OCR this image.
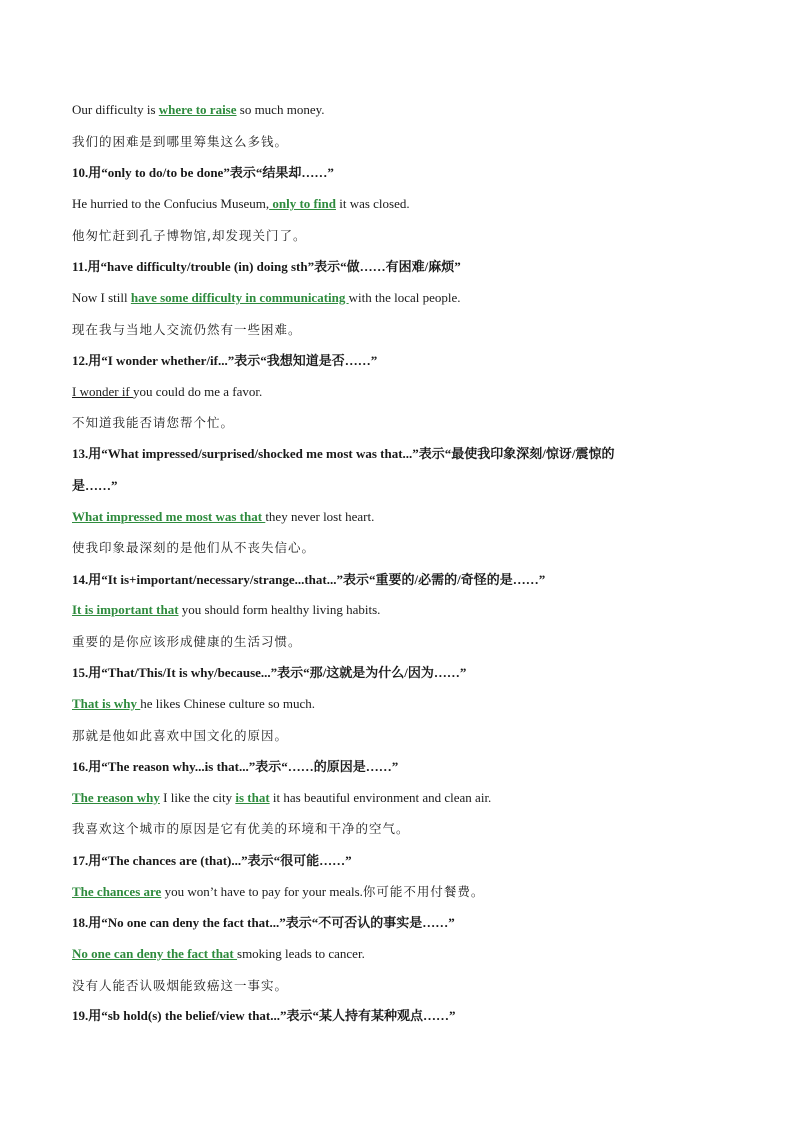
Our difficulty is where to raise so much money.
我们的困难是到哪里筹集这么多钱。
10.用“only to do/to be done”表示“结果却……”
He hurried to the Confucius Museum, only to find it was closed.
他匆忙赶到孔子博物馆,却发现关门了。
11.用“have difficulty/trouble (in) doing sth”表示“做……有困难/麻烦”
Now I still have some difficulty in communicating with the local people.
现在我与当地人交流仍然有一些困难。
12.用“I wonder whether/if...”表示“我想知道是否……”
I wonder if you could do me a favor.
不知道我能否请您帮个忙。
13.用“What impressed/surprised/shocked me most was that...”表示“最使我印象深刻/惊讶/震惊的
是……”
What impressed me most was that they never lost heart.
使我印象最深刻的是他们从不丧失信心。
14.用“It is+important/necessary/strange...that...”表示“重要的/必需的/奇怪的是……”
It is important that you should form healthy living habits.
重要的是你应该形成健康的生活习惯。
15.用“That/This/It is why/because...”表示“那/这就是为什么/因为……”
That is why he likes Chinese culture so much.
那就是他如此喜欢中国文化的原因。
16.用“The reason why...is that...”表示“……的原因是……”
The reason why I like the city is that it has beautiful environment and clean air.
我喜欢这个城市的原因是它有优美的环境和干净的空气。
17.用“The chances are (that)...”表示“很可能……”
The chances are you won’t have to pay for your meals.你可能不用付餐费。
18.用“No one can deny the fact that...”表示“不可否认的事实是……”
No one can deny the fact that smoking leads to cancer.
没有人能否认吸烟能致癌这一事实。
19.用“sb hold(s) the belief/view that...”表示“某人持有某种观点……”
